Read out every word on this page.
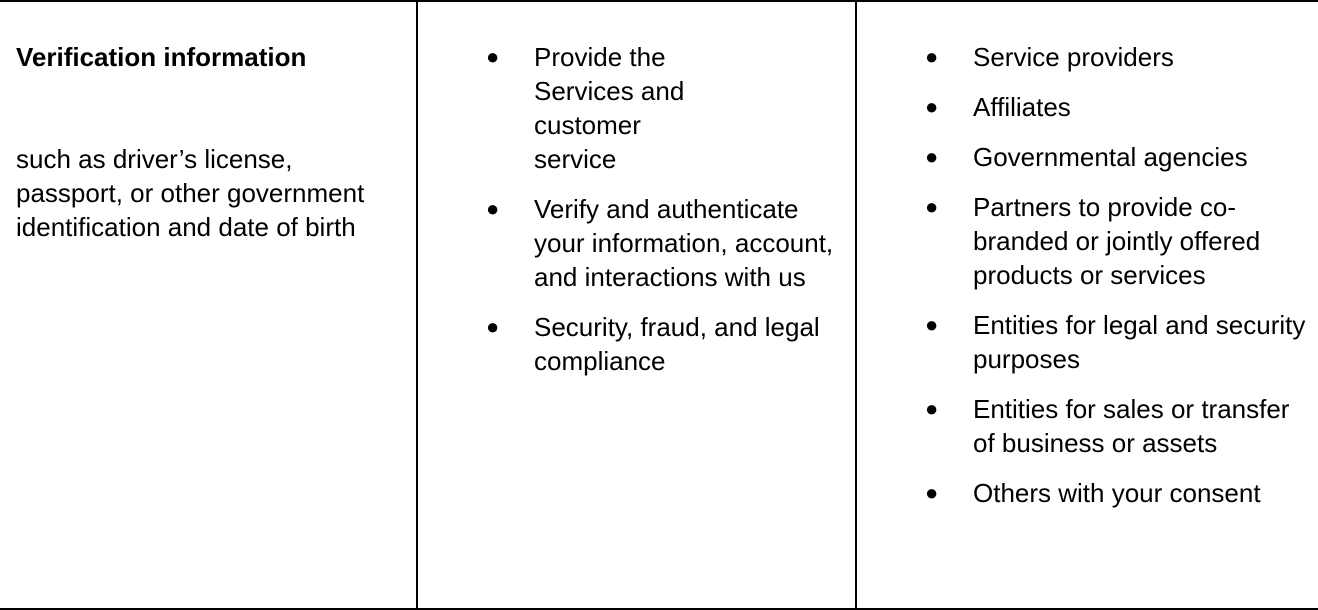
Verification information

such as driver’s license, passport, or other government identification and date of birth

● Provide the Services and customer service
● Verify and authenticate your information, account, and interactions with us
● Security, fraud, and legal compliance
● Service providers
● Affiliates
● Governmental agencies
● Partners to provide co-branded or jointly offered products or services
● Entities for legal and security purposes
● Entities for sales or transfer of business or assets
● Others with your consent
